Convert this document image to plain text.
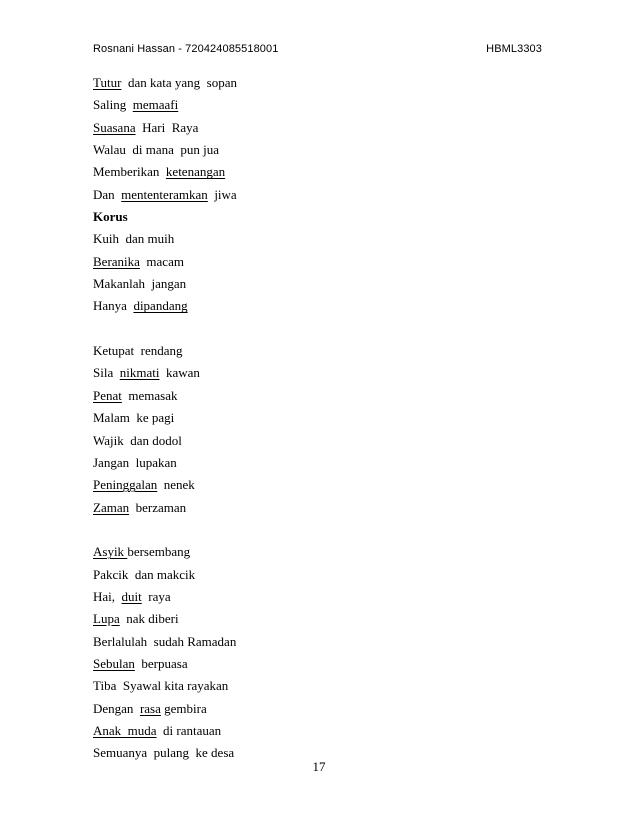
Rosnani Hassan - 720424085518001	HBML3303
Tutur  dan kata yang  sopan
Saling  memaafi
Suasana  Hari  Raya
Walau  di mana  pun jua
Memberikan  ketenangan
Dan  mententeramkan  jiwa
Korus
Kuih  dan muih
Beranika  macam
Makanlah  jangan
Hanya  dipandang
Ketupat  rendang
Sila  nikmati  kawan
Penat  memasak
Malam  ke pagi
Wajik  dan dodol
Jangan  lupakan
Peninggalan  nenek
Zaman  berzaman
Asyik bersembang
Pakcik  dan makcik
Hai,  duit  raya
Lupa  nak diberi
Berlalulah  sudah Ramadan
Sebulan  berpuasa
Tiba  Syawal kita rayakan
Dengan  rasa gembira
Anak  muda  di rantauan
Semuanya  pulang  ke desa
17
